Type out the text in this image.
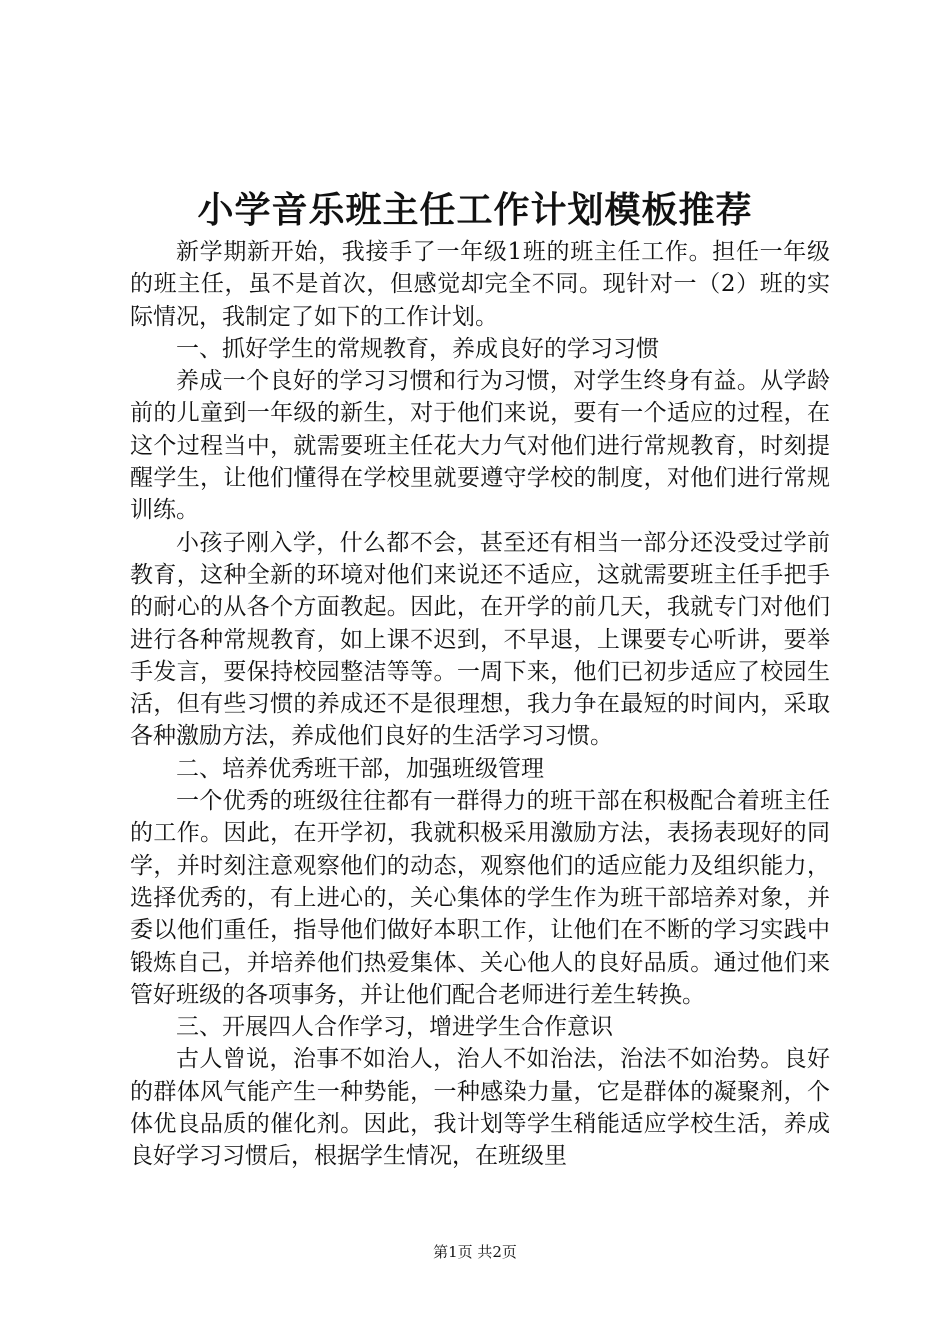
小学音乐班主任工作计划模板推荐

新学期新开始，我接手了一年级1班的班主任工作。担任一年级的班主任，虽不是首次，但感觉却完全不同。现针对一（2）班的实际情况，我制定了如下的工作计划。

一、抓好学生的常规教育，养成良好的学习习惯

养成一个良好的学习习惯和行为习惯，对学生终身有益。从学龄前的儿童到一年级的新生，对于他们来说，要有一个适应的过程，在这个过程当中，就需要班主任花大力气对他们进行常规教育，时刻提醒学生，让他们懂得在学校里就要遵守学校的制度，对他们进行常规训练。

小孩子刚入学，什么都不会，甚至还有相当一部分还没受过学前教育，这种全新的环境对他们来说还不适应，这就需要班主任手把手的耐心的从各个方面教起。因此，在开学的前几天，我就专门对他们进行各种常规教育，如上课不迟到，不早退，上课要专心听讲，要举手发言，要保持校园整洁等等。一周下来，他们已初步适应了校园生活，但有些习惯的养成还不是很理想，我力争在最短的时间内，采取各种激励方法，养成他们良好的生活学习习惯。

二、培养优秀班干部，加强班级管理

一个优秀的班级往往都有一群得力的班干部在积极配合着班主任的工作。因此，在开学初，我就积极采用激励方法，表扬表现好的同学，并时刻注意观察他们的动态，观察他们的适应能力及组织能力，选择优秀的，有上进心的，关心集体的学生作为班干部培养对象，并委以他们重任，指导他们做好本职工作，让他们在不断的学习实践中锻炼自己，并培养他们热爱集体、关心他人的良好品质。通过他们来管好班级的各项事务，并让他们配合老师进行差生转换。

三、开展四人合作学习，增进学生合作意识

古人曾说，治事不如治人，治人不如治法，治法不如治势。良好的群体风气能产生一种势能，一种感染力量，它是群体的凝聚剂，个体优良品质的催化剂。因此，我计划等学生稍能适应学校生活，养成良好学习习惯后，根据学生情况，在班级里

第1页 共2页
